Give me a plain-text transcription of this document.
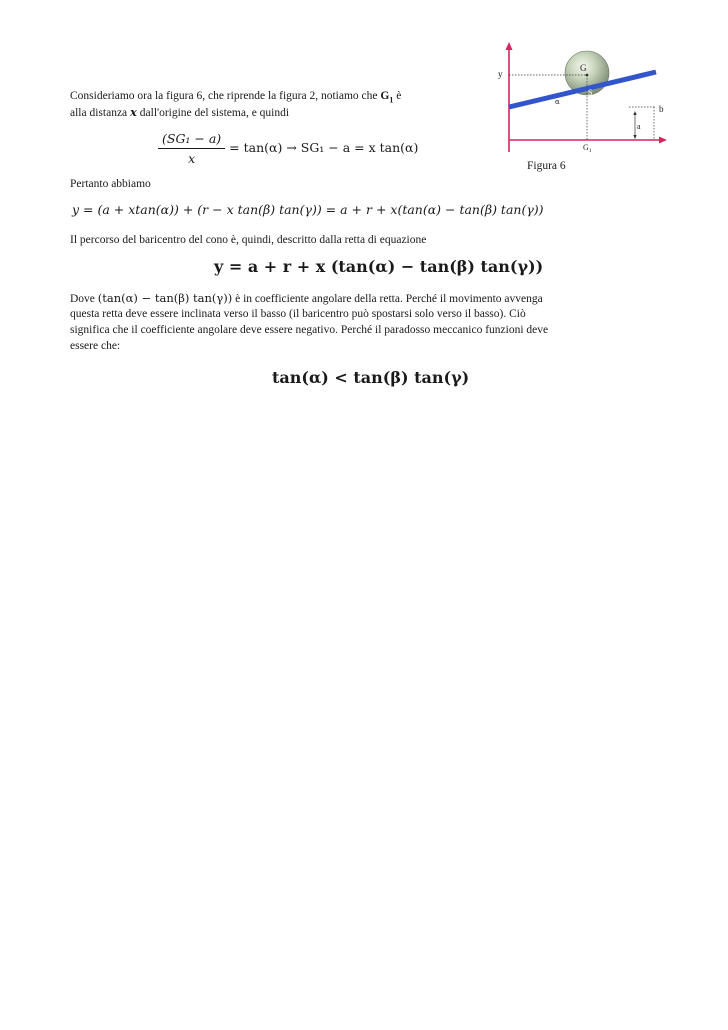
y
G
S
α
b
a
$G_1$
Figura 6

Consideriamo ora la figura 6, che riprende la figura 2, notiamo che $G_1$ è

alla distanza x dall'origine del sistema, e quindi

$\frac{\text{(SG₁ − a)}}{x} = \tan(\alpha) \to SG_1 - a = x$ tan(α)

Pertanto abbiamo

y = (a + xtan(α)) + (r − x tan(β) tan(γ)) = a + r + x(tan(α) − tan(β) tan(γ))

Il percorso del baricentro del cono è, quindi, descritto dalla retta di equazione

y = a + r + x (tan(α) − tan(β) tan(γ))

Dove (tan(α) − tan(β) tan(γ)) è in coefficiente angolare della retta. Perché il movimento avvenga

questa retta deve essere inclinata verso il basso (il baricentro può spostarsi solo verso il basso). Ciò

significa che il coefficiente angolare deve essere negativo. Perché il paradosso meccanico funzioni deve

essere che:

tan(α) < tan(β) tan(γ)
